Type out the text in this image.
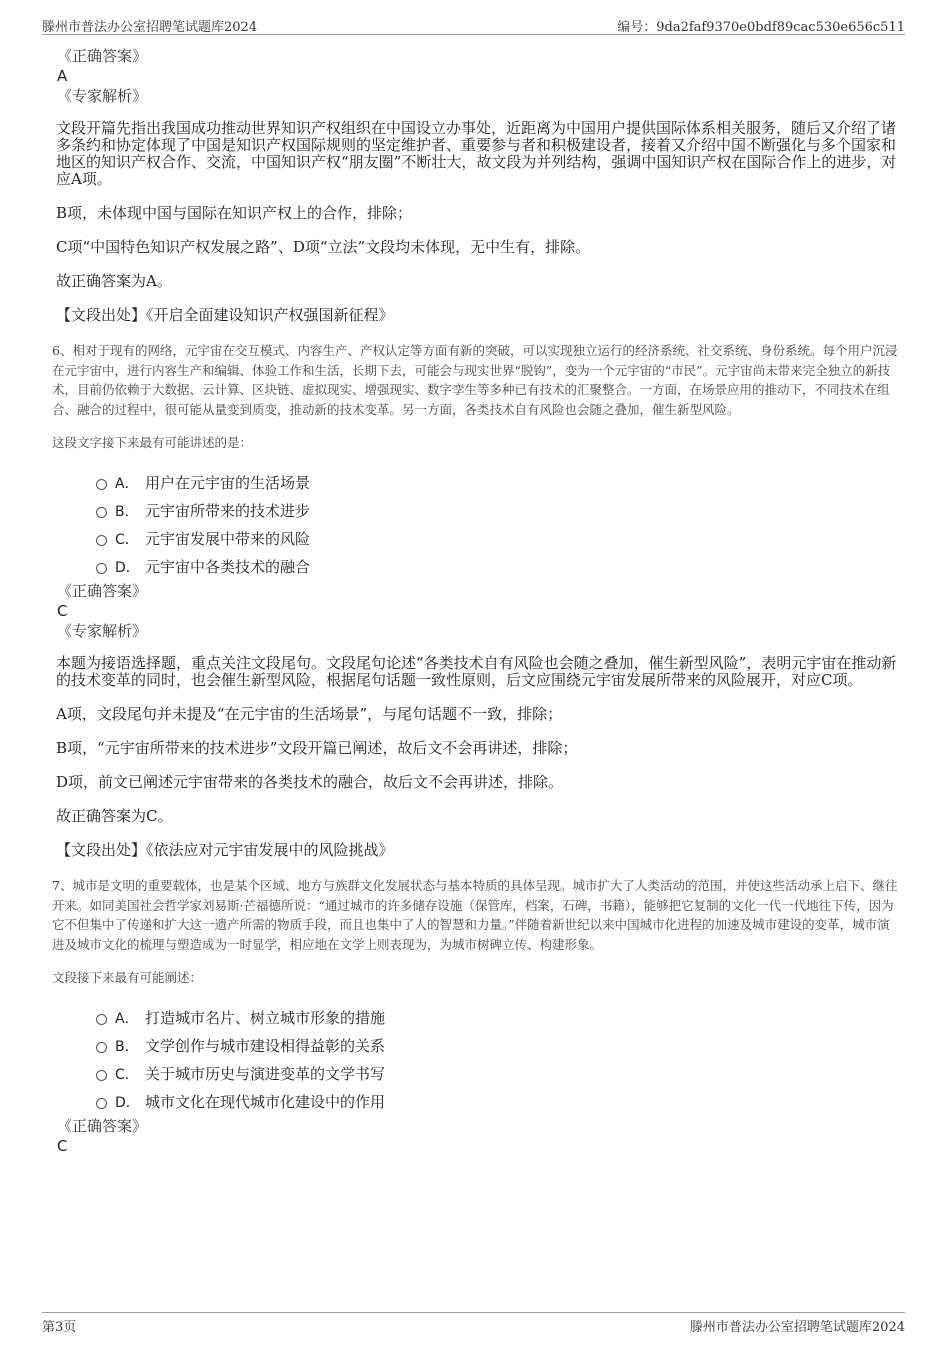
滕州市普法办公室招聘笔试题库2024	编号：9da2faf9370e0bdf89cac530e656c511
《正确答案》
A
《专家解析》

文段开篇先指出我国成功推动世界知识产权组织在中国设立办事处，近距离为中国用户提供国际体系相关服务，随后又介绍了诸多条约和协定体现了中国是知识产权国际规则的坚定维护者、重要参与者和积极建设者，接着又介绍中国不断强化与多个国家和地区的知识产权合作、交流，中国知识产权“朋友圈”不断壮大，故文段为并列结构，强调中国知识产权在国际合作上的进步，对应A项。

B项，未体现中国与国际在知识产权上的合作，排除；

C项“中国特色知识产权发展之路”、D项“立法”文段均未体现，无中生有，排除。

故正确答案为A。

【文段出处】《开启全面建设知识产权强国新征程》

6、相对于现有的网络，元宇宙在交互模式、内容生产、产权认定等方面有新的突破，可以实现独立运行的经济系统、社交系统、身份系统。每个用户沉浸在元宇宙中，进行内容生产和编辑、体验工作和生活，长期下去，可能会与现实世界“脱钩”，变为一个元宇宙的“市民”。元宇宙尚未带来完全独立的新技术，目前仍依赖于大数据、云计算、区块链、虚拟现实、增强现实、数字孪生等多种已有技术的汇聚整合。一方面，在场景应用的推动下，不同技术在组合、融合的过程中，很可能从量变到质变，推动新的技术变革。另一方面，各类技术自有风险也会随之叠加，催生新型风险。
这段文字接下来最有可能讲述的是：
A． 用户在元宇宙的生活场景
B． 元宇宙所带来的技术进步
C． 元宇宙发展中带来的风险
D． 元宇宙中各类技术的融合
《正确答案》
C
《专家解析》

本题为接语选择题，重点关注文段尾句。文段尾句论述“各类技术自有风险也会随之叠加，催生新型风险”，表明元宇宙在推动新的技术变革的同时，也会催生新型风险，根据尾句话题一致性原则，后文应围绕元宇宙发展所带来的风险展开，对应C项。

A项，文段尾句并未提及“在元宇宙的生活场景”，与尾句话题不一致，排除；

B项，“元宇宙所带来的技术进步”文段开篇已阐述，故后文不会再讲述，排除；

D项，前文已阐述元宇宙带来的各类技术的融合，故后文不会再讲述，排除。

故正确答案为C。

【文段出处】《依法应对元宇宙发展中的风险挑战》

7、城市是文明的重要载体，也是某个区域、地方与族群文化发展状态与基本特质的具体呈现。城市扩大了人类活动的范围，并使这些活动承上启下、继往开来。如同美国社会哲学家刘易斯·芒福德所说：“通过城市的许多储存设施（保管库，档案，石碑，书籍），能够把它复制的文化一代一代地往下传，因为它不但集中了传递和扩大这一遗产所需的物质手段，而且也集中了人的智慧和力量。”伴随着新世纪以来中国城市化进程的加速及城市建设的变革，城市演进及城市文化的梳理与塑造成为一时显学，相应地在文学上则表现为，为城市树碑立传、构建形象。
文段接下来最有可能阐述：
A． 打造城市名片、树立城市形象的措施
B． 文学创作与城市建设相得益彰的关系
C． 关于城市历史与演进变革的文学书写
D． 城市文化在现代城市化建设中的作用
《正确答案》
C
第3页	滕州市普法办公室招聘笔试题库2024
